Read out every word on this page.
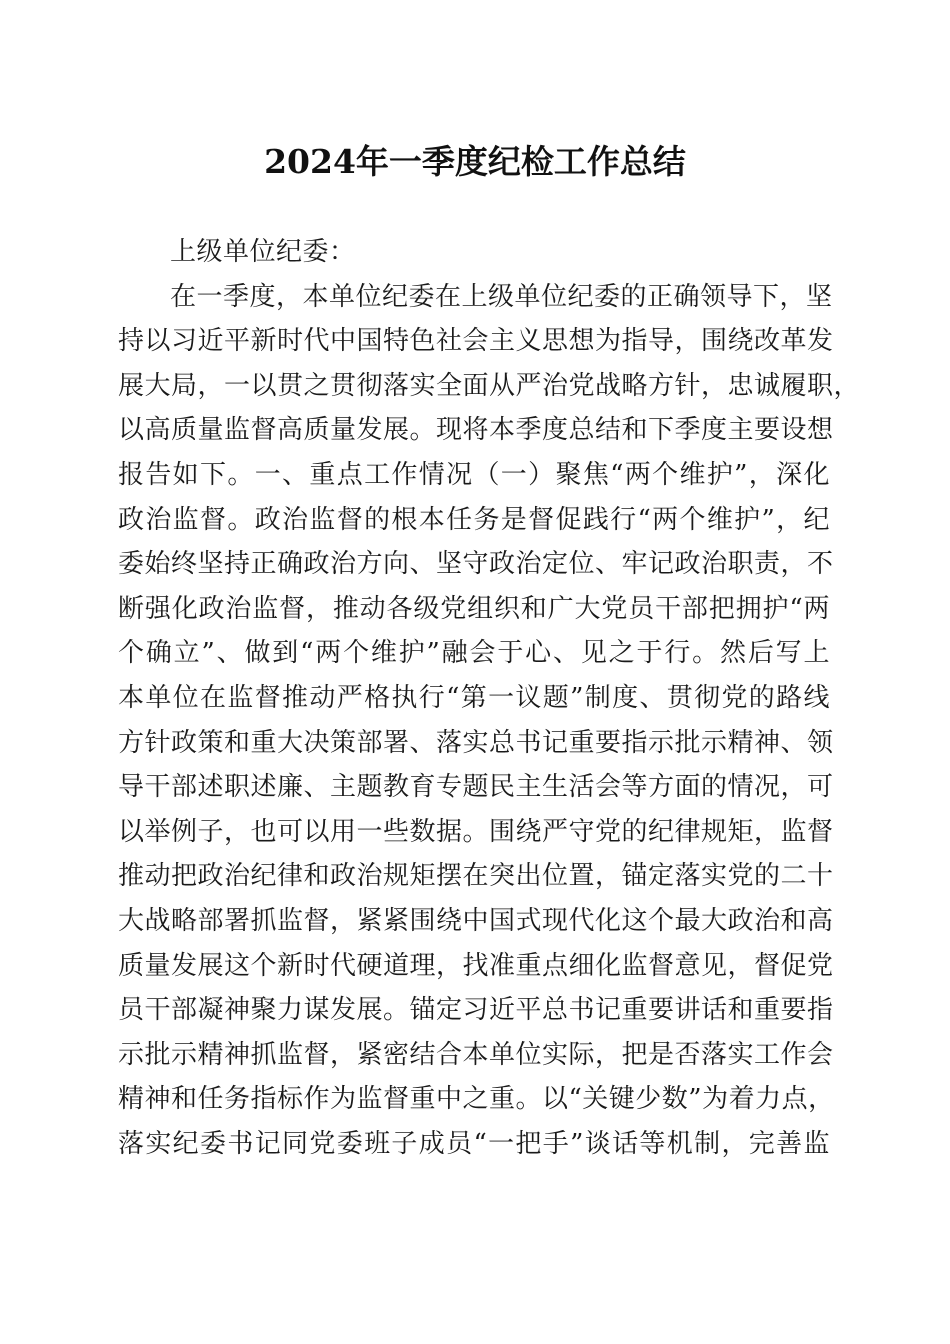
2024年一季度纪检工作总结
上级单位纪委：
在一季度，本单位纪委在上级单位纪委的正确领导下，坚
持以习近平新时代中国特色社会主义思想为指导，围绕改革发
展大局，一以贯之贯彻落实全面从严治党战略方针，忠诚履职，
以高质量监督高质量发展。现将本季度总结和下季度主要设想
报告如下。一、重点工作情况（一）聚焦“两个维护”，深化
政治监督。政治监督的根本任务是督促践行“两个维护”，纪
委始终坚持正确政治方向、坚守政治定位、牢记政治职责，不
断强化政治监督，推动各级党组织和广大党员干部把拥护“两
个确立”、做到“两个维护”融会于心、见之于行。然后写上
本单位在监督推动严格执行“第一议题”制度、贯彻党的路线
方针政策和重大决策部署、落实总书记重要指示批示精神、领
导干部述职述廉、主题教育专题民主生活会等方面的情况，可
以举例子，也可以用一些数据。围绕严守党的纪律规矩，监督
推动把政治纪律和政治规矩摆在突出位置，锚定落实党的二十
大战略部署抓监督，紧紧围绕中国式现代化这个最大政治和高
质量发展这个新时代硬道理，找准重点细化监督意见，督促党
员干部凝神聚力谋发展。锚定习近平总书记重要讲话和重要指
示批示精神抓监督，紧密结合本单位实际，把是否落实工作会
精神和任务指标作为监督重中之重。以“关键少数”为着力点，
落实纪委书记同党委班子成员“一把手”谈话等机制，完善监
